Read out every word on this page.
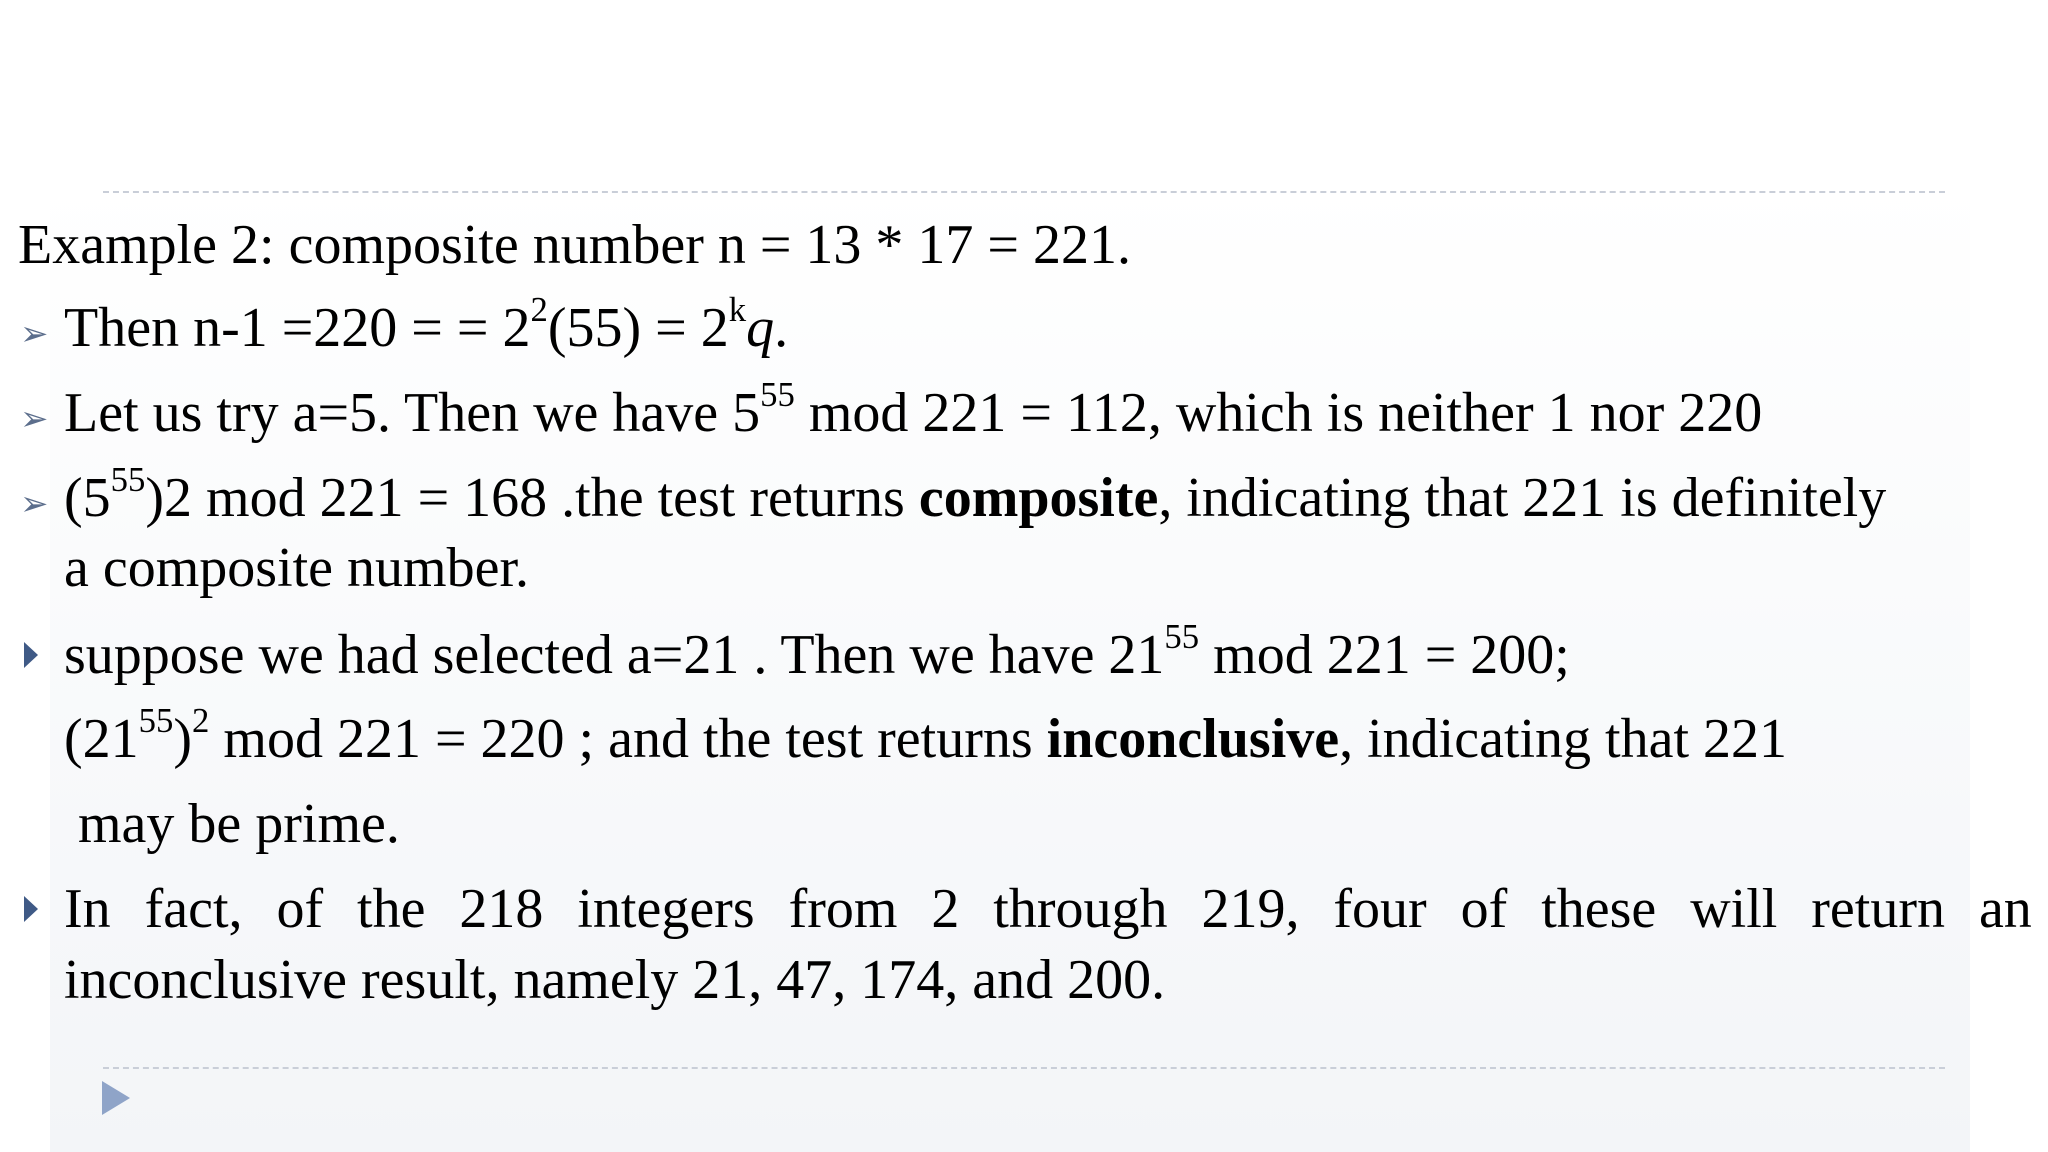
Example 2: composite number n = 13 * 17 = 221.
➢ Then n-1 =220 = = $2^2(55) = 2^kq$.
➢ Let us try a=5. Then we have $5^{55}$ mod 221 = 112, which is neither 1 nor 220
➢ $(5^{55})2$ mod 221 = 168 .the test returns composite, indicating that 221 is definitely
a composite number.
suppose we had selected a=21 . Then we have $21^{55}$ mod 221 = 200;
$(21^{55})^2$ mod 221 = 220 ; and the test returns inconclusive, indicating that 221
may be prime.
In fact, of the 218 integers from 2 through 219, four of these will return an
inconclusive result, namely 21, 47, 174, and 200.
